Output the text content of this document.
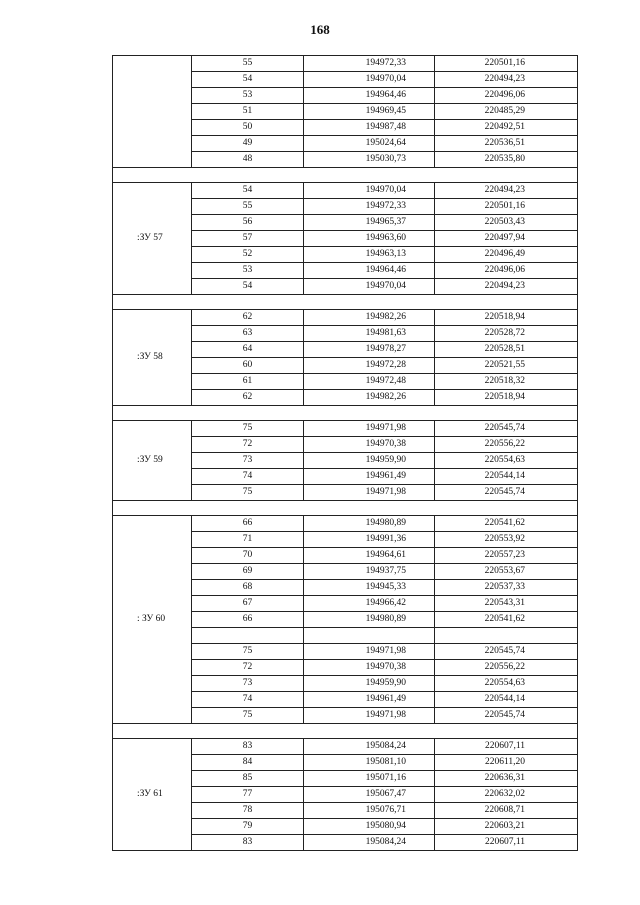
168
	55	194972,33	220501,16
	54	194970,04	220494,23
	53	194964,46	220496,06
	51	194969,45	220485,29
	50	194987,48	220492,51
	49	195024,64	220536,51
	48	195030,73	220535,80

:ЗУ 57	54	194970,04	220494,23
	55	194972,33	220501,16
	56	194965,37	220503,43
	57	194963,60	220497,94
	52	194963,13	220496,49
	53	194964,46	220496,06
	54	194970,04	220494,23

:ЗУ 58	62	194982,26	220518,94
	63	194981,63	220528,72
	64	194978,27	220528,51
	60	194972,28	220521,55
	61	194972,48	220518,32
	62	194982,26	220518,94

:ЗУ 59	75	194971,98	220545,74
	72	194970,38	220556,22
	73	194959,90	220554,63
	74	194961,49	220544,14
	75	194971,98	220545,74

: ЗУ 60	66	194980,89	220541,62
	71	194991,36	220553,92
	70	194964,61	220557,23
	69	194937,75	220553,67
	68	194945,33	220537,33
	67	194966,42	220543,31
	66	194980,89	220541,62

	75	194971,98	220545,74
	72	194970,38	220556,22
	73	194959,90	220554,63
	74	194961,49	220544,14
	75	194971,98	220545,74

:ЗУ 61	83	195084,24	220607,11
	84	195081,10	220611,20
	85	195071,16	220636,31
	77	195067,47	220632,02
	78	195076,71	220608,71
	79	195080,94	220603,21
	83	195084,24	220607,11
